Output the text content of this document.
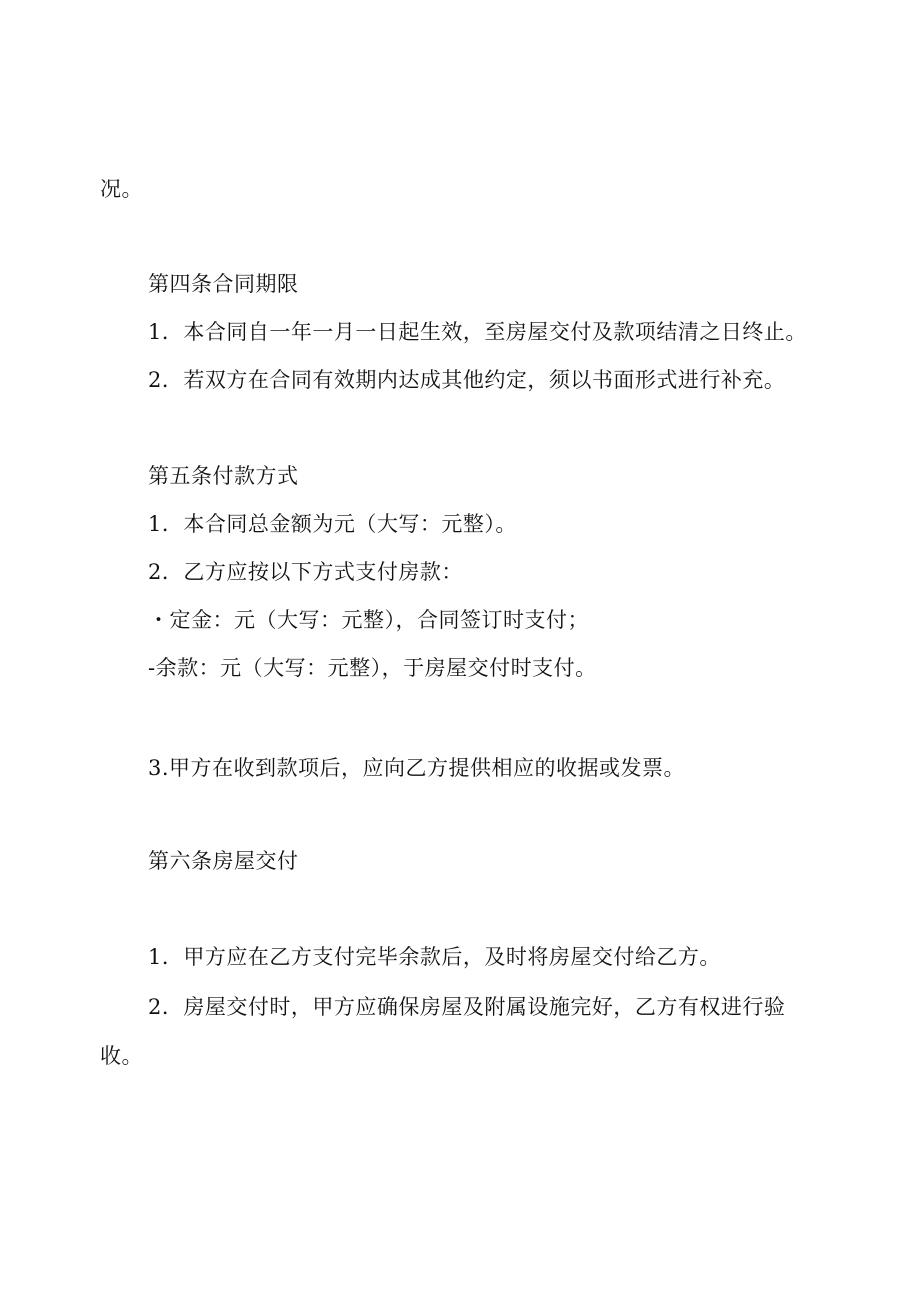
况。
第四条合同期限
1．本合同自一年一月一日起生效，至房屋交付及款项结清之日终止。
2．若双方在合同有效期内达成其他约定，须以书面形式进行补充。
第五条付款方式
1．本合同总金额为元（大写：元整）。
2．乙方应按以下方式支付房款：
・定金：元（大写：元整），合同签订时支付；
-余款：元（大写：元整），于房屋交付时支付。
3.甲方在收到款项后，应向乙方提供相应的收据或发票。
第六条房屋交付
1．甲方应在乙方支付完毕余款后，及时将房屋交付给乙方。
2．房屋交付时，甲方应确保房屋及附属设施完好，乙方有权进行验
收。
